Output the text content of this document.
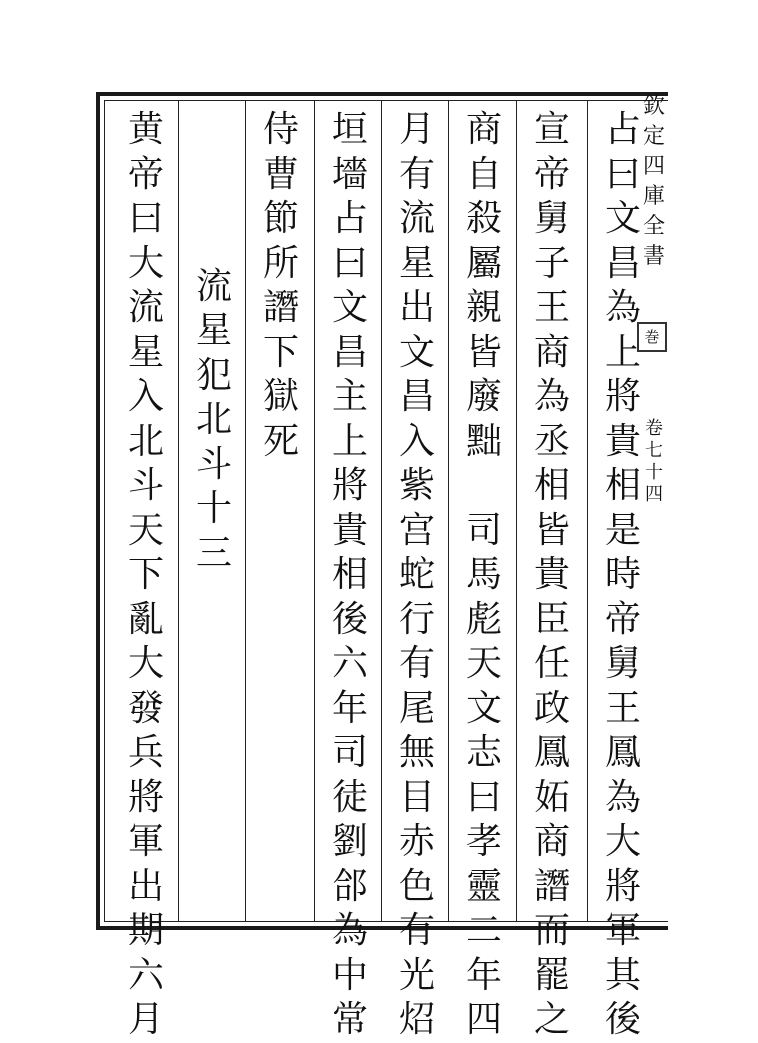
欽
定
四
庫
全
書
巻
卷
七
十
四
占
曰
文
昌
為
上
將
貴
相
是
時
帝
舅
王
鳳
為
大
將
軍
其
後
宣
帝
舅
子
王
商
為
丞
相
皆
貴
臣
任
政
鳳
妬
商
譖
而
罷
之
商
自
殺
屬
親
皆
廢
黜

司
馬
彪
天
文
志
曰
孝
靈
二
年
四
月
有
流
星
出
文
昌
入
紫
宫
蛇
行
有
尾
無
目
赤
色
有
光
炤
垣
墻
占
曰
文
昌
主
上
將
貴
相
後
六
年
司
徒
劉
郃
為
中
常
侍
曹
節
所
譖
下
獄
死

流
星
犯
北
斗
十
三
黄
帝
曰
大
流
星
入
北
斗
天
下
亂
大
發
兵
將
軍
出
期
六
月
